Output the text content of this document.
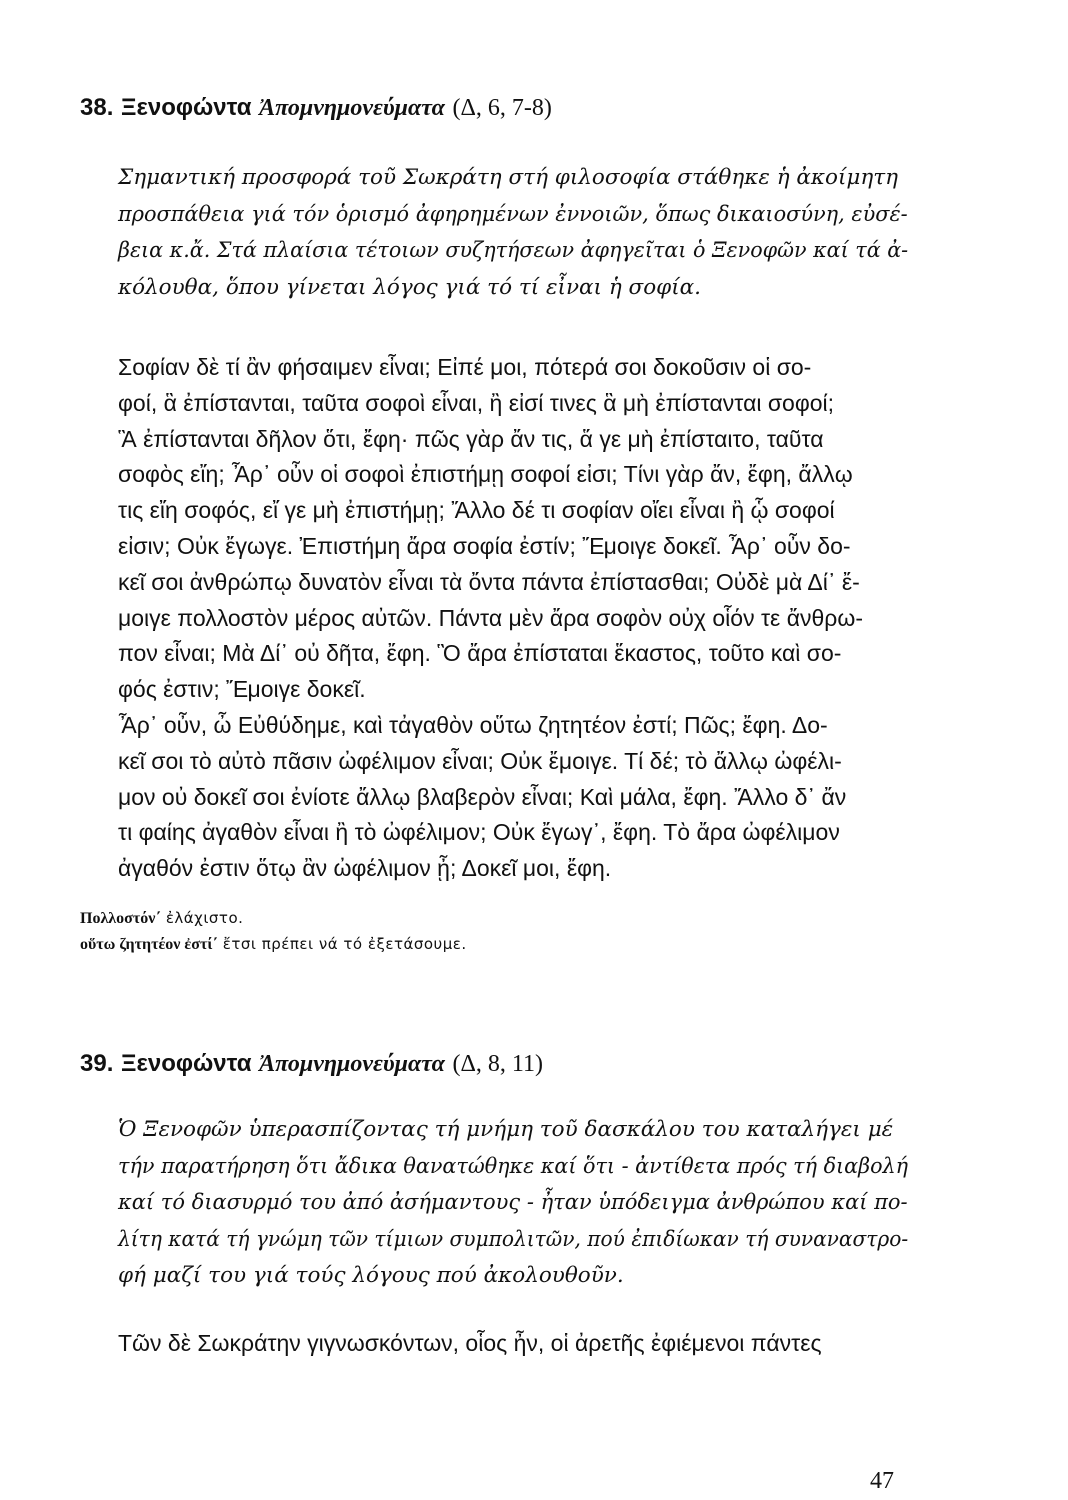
38. Ξενοφώντα Ἀπομνημονεύματα (Δ, 6, 7-8)
Σημαντική προσφορά τοῦ Σωκράτη στή φιλοσοφία στάθηκε ἡ ἀκοίμητη
προσπάθεια γιά τόν ὁρισμό ἀφηρημένων ἐννοιῶν, ὅπως δικαιοσύνη, εὐσέ-
βεια κ.ἄ. Στά πλαίσια τέτοιων συζητήσεων ἀφηγεῖται ὁ Ξενοφῶν καί τά ἀ-
κόλουθα, ὅπου γίνεται λόγος γιά τό τί εἶναι ἡ σοφία.
Σοφίαν δὲ τί ἂν φήσαιμεν εἶναι; Εἰπέ μοι, πότερά σοι δοκοῦσιν οἱ σο-
φοί, ἃ ἐπίστανται, ταῦτα σοφοὶ εἶναι, ἢ εἰσί τινες ἃ μὴ ἐπίστανται σοφοί;
Ἃ ἐπίστανται δῆλον ὅτι, ἔφη· πῶς γὰρ ἄν τις, ἅ γε μὴ ἐπίσταιτο, ταῦτα
σοφὸς εἴη; Ἆρ᾽ οὖν οἱ σοφοὶ ἐπιστήμῃ σοφοί εἰσι; Τίνι γὰρ ἄν, ἔφη, ἄλλῳ
τις εἴη σοφός, εἴ γε μὴ ἐπιστήμῃ; Ἄλλο δέ τι σοφίαν οἴει εἶναι ἢ ᾧ σοφοί
εἰσιν; Οὐκ ἔγωγε. Ἐπιστήμη ἄρα σοφία ἐστίν; Ἔμοιγε δοκεῖ. Ἆρ᾽ οὖν δο-
κεῖ σοι ἀνθρώπῳ δυνατὸν εἶναι τὰ ὄντα πάντα ἐπίστασθαι; Οὐδὲ μὰ Δί᾽ ἔ-
μοιγε πολλοστὸν μέρος αὐτῶν. Πάντα μὲν ἄρα σοφὸν οὐχ οἷόν τε ἄνθρω-
πον εἶναι; Μὰ Δί᾽ οὐ δῆτα, ἔφη. Ὃ ἄρα ἐπίσταται ἕκαστος, τοῦτο καὶ σο-
φός ἐστιν; Ἔμοιγε δοκεῖ.
Ἆρ᾽ οὖν, ὦ Εὐθύδημε, καὶ τἀγαθὸν οὕτω ζητητέον ἐστί; Πῶς; ἔφη. Δο-
κεῖ σοι τὸ αὐτὸ πᾶσιν ὠφέλιμον εἶναι; Οὐκ ἔμοιγε. Τί δέ; τὸ ἄλλῳ ὠφέλι-
μον οὐ δοκεῖ σοι ἐνίοτε ἄλλῳ βλαβερὸν εἶναι; Καὶ μάλα, ἔφη. Ἄλλο δ᾽ ἄν
τι φαίης ἀγαθὸν εἶναι ἢ τὸ ὠφέλιμον; Οὐκ ἔγωγ᾽, ἔφη. Τὸ ἄρα ὠφέλιμον
ἀγαθόν ἐστιν ὅτῳ ἂν ὠφέλιμον ᾖ; Δοκεῖ μοι, ἔφη.
Πολλοστόν΄ ἐλάχιστο.
οὕτω ζητητέον ἐστί΄ ἔτσι πρέπει νά τό ἐξετάσουμε.
39. Ξενοφώντα Ἀπομνημονεύματα (Δ, 8, 11)
Ὁ Ξενοφῶν ὑπερασπίζοντας τή μνήμη τοῦ δασκάλου του καταλήγει μέ
τήν παρατήρηση ὅτι ἄδικα θανατώθηκε καί ὅτι - ἀντίθετα πρός τή διαβολή
καί τό διασυρμό του ἀπό ἀσήμαντους - ἦταν ὑπόδειγμα ἀνθρώπου καί πο-
λίτη κατά τή γνώμη τῶν τίμιων συμπολιτῶν, πού ἐπιδίωκαν τή συναναστρο-
φή μαζί του γιά τούς λόγους πού ἀκολουθοῦν.
Τῶν δὲ Σωκράτην γιγνωσκόντων, οἷος ἦν, οἱ ἀρετῆς ἐφιέμενοι πάντες
47
